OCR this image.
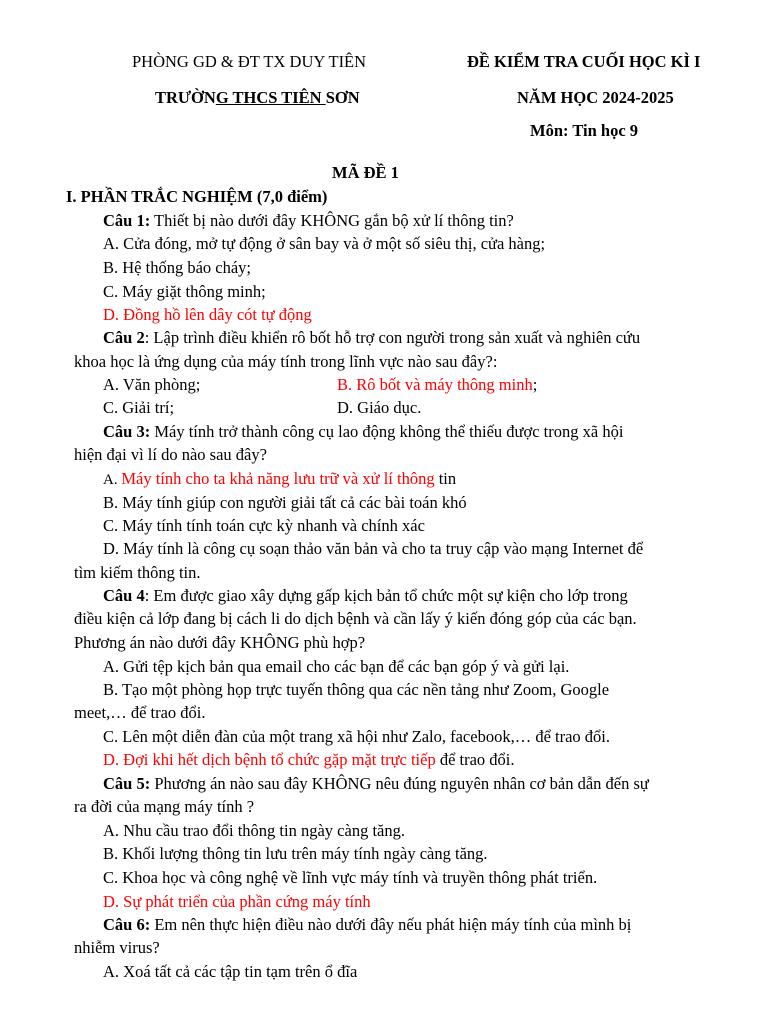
PHÒNG GD & ĐT TX DUY TIÊN
TRƯỜNG THCS TIÊN SƠN
ĐỀ KIỂM TRA CUỐI HỌC KÌ I
NĂM HỌC 2024-2025
Môn: Tin học 9
MÃ ĐỀ 1
I. PHẦN TRẮC NGHIỆM (7,0 điểm)
Câu 1: Thiết bị nào dưới đây KHÔNG gắn bộ xử lí thông tin?
A. Cửa đóng, mở tự động ở sân bay và ở một số siêu thị, cửa hàng;
B. Hệ thống báo cháy;
C. Máy giặt thông minh;
D. Đồng hồ lên dây cót tự động
Câu 2: Lập trình điều khiển rô bốt hỗ trợ con người trong sản xuất và nghiên cứu
khoa học là ứng dụng của máy tính trong lĩnh vực nào sau đây?:
A. Văn phòng;	B. Rô bốt và máy thông minh;
C. Giải trí;	D. Giáo dục.
Câu 3: Máy tính trở thành công cụ lao động không thể thiếu được trong xã hội
hiện đại vì lí do nào sau đây?
A. Máy tính cho ta khả năng lưu trữ và xử lí thông tin
B. Máy tính giúp con người giải tất cả các bài toán khó
C. Máy tính tính toán cực kỳ nhanh và chính xác
D. Máy tính là công cụ soạn thảo văn bản và cho ta truy cập vào mạng Internet để
tìm kiếm thông tin.
Câu 4: Em được giao xây dựng gấp kịch bản tổ chức một sự kiện cho lớp trong
điều kiện cả lớp đang bị cách li do dịch bệnh và cần lấy ý kiến đóng góp của các bạn.
Phương án nào dưới đây KHÔNG phù hợp?
A. Gửi tệp kịch bản qua email cho các bạn để các bạn góp ý và gửi lại.
B. Tạo một phòng họp trực tuyến thông qua các nền tảng như Zoom, Google
meet,… để trao đổi.
C. Lên một diễn đàn của một trang xã hội như Zalo, facebook,… để trao đổi.
D. Đợi khi hết dịch bệnh tổ chức gặp mặt trực tiếp để trao đổi.
Câu 5: Phương án nào sau đây KHÔNG nêu đúng nguyên nhân cơ bản dẫn đến sự
ra đời của mạng máy tính ?
A. Nhu cầu trao đổi thông tin ngày càng tăng.
B. Khối lượng thông tin lưu trên máy tính ngày càng tăng.
C. Khoa học và công nghệ về lĩnh vực máy tính và truyền thông phát triển.
D. Sự phát triển của phần cứng máy tính
Câu 6: Em nên thực hiện điều nào dưới đây nếu phát hiện máy tính của mình bị
nhiễm virus?
A. Xoá tất cả các tập tin tạm trên ổ đĩa
